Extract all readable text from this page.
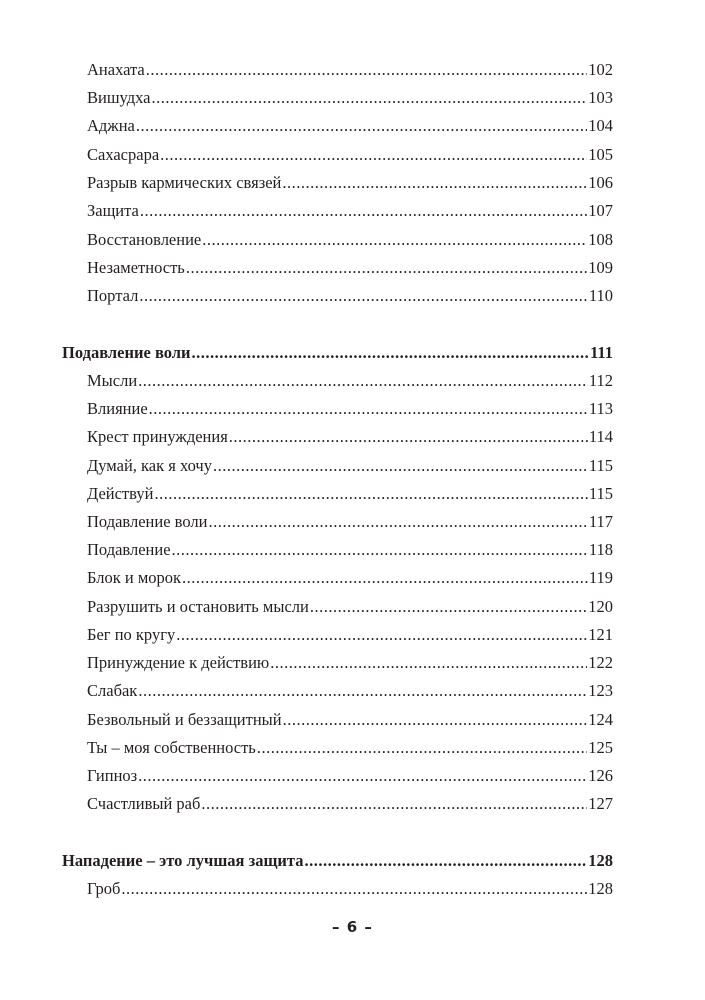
Анахата .....	102
Вишудха .....	103
Аджна .....	104
Сахасрара .....	105
Разрыв кармических связей .....	106
Защита .....	107
Восстановление .....	108
Незаметность .....	109
Портал .....	110
Подавление воли .....	111
Мысли .....	112
Влияние .....	113
Крест принуждения .....	114
Думай, как я хочу .....	115
Действуй .....	115
Подавление воли .....	117
Подавление .....	118
Блок и морок .....	119
Разрушить и остановить мысли .....	120
Бег по кругу .....	121
Принуждение к действию .....	122
Слабак .....	123
Безвольный и беззащитный .....	124
Ты – моя собственность .....	125
Гипноз .....	126
Счастливый раб .....	127
Нападение – это лучшая защита .....	128
Гроб .....	128
– 6 –
